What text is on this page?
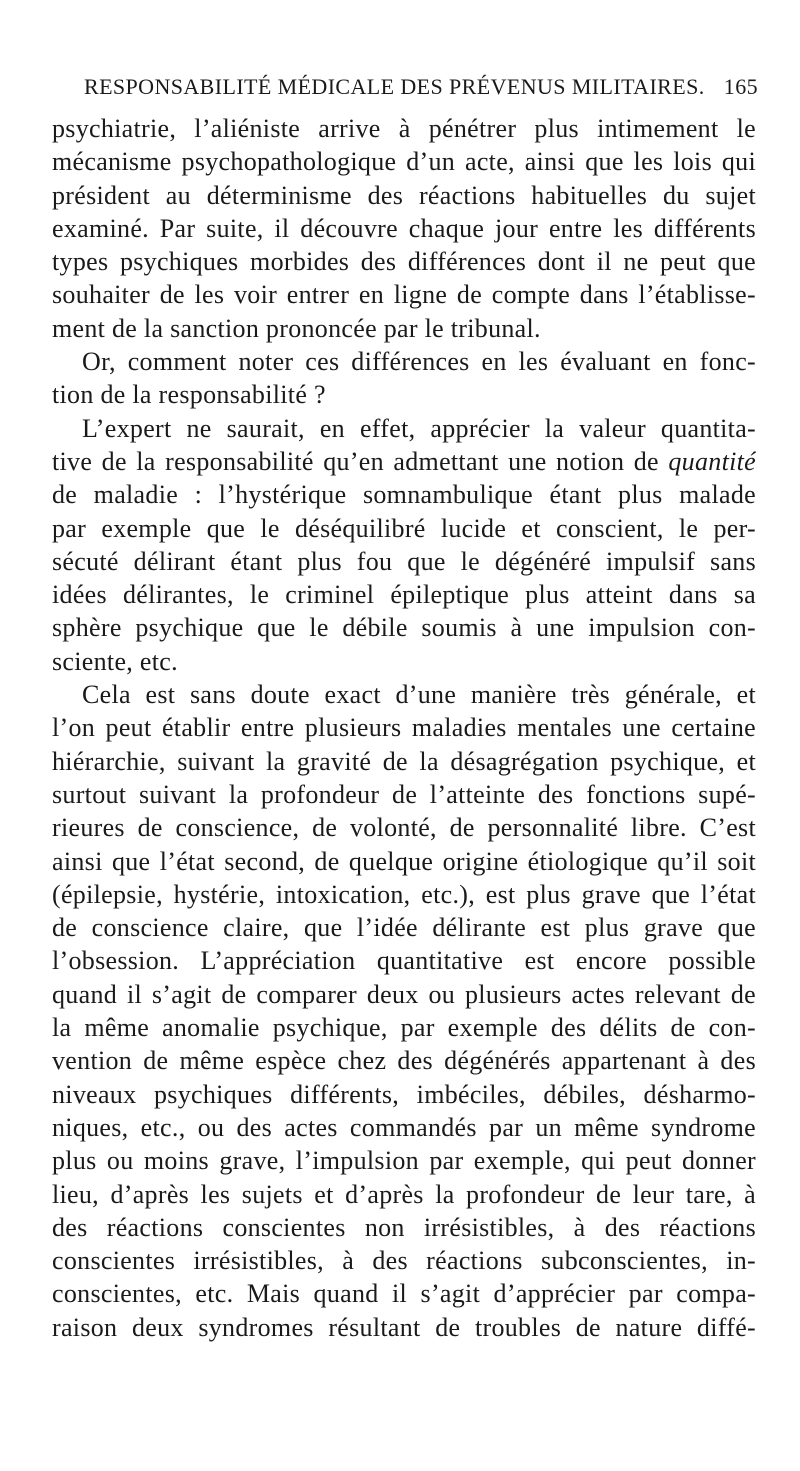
RESPONSABILITÉ MÉDICALE DES PRÉVENUS MILITAIRES. 165
psychiatrie, l’aliéniste arrive à pénétrer plus intimement le
mécanisme psychopathologique d’un acte, ainsi que les lois qui
président au déterminisme des réactions habituelles du sujet
examiné. Par suite, il découvre chaque jour entre les différents
types psychiques morbides des différences dont il ne peut que
souhaiter de les voir entrer en ligne de compte dans l’établisse-
ment de la sanction prononcée par le tribunal.
Or, comment noter ces différences en les évaluant en fonc-
tion de la responsabilité ?
L’expert ne saurait, en effet, apprécier la valeur quantita-
tive de la responsabilité qu’en admettant une notion de quantité
de maladie : l’hystérique somnambulique étant plus malade
par exemple que le déséquilibré lucide et conscient, le per-
sécuté délirant étant plus fou que le dégénéré impulsif sans
idées délirantes, le criminel épileptique plus atteint dans sa
sphère psychique que le débile soumis à une impulsion con-
sciente, etc.
Cela est sans doute exact d’une manière très générale, et
l’on peut établir entre plusieurs maladies mentales une certaine
hiérarchie, suivant la gravité de la désagrégation psychique, et
surtout suivant la profondeur de l’atteinte des fonctions supé-
rieures de conscience, de volonté, de personnalité libre. C’est
ainsi que l’état second, de quelque origine étiologique qu’il soit
(épilepsie, hystérie, intoxication, etc.), est plus grave que l’état
de conscience claire, que l’idée délirante est plus grave que
l’obsession. L’appréciation quantitative est encore possible
quand il s’agit de comparer deux ou plusieurs actes relevant de
la même anomalie psychique, par exemple des délits de con-
vention de même espèce chez des dégénérés appartenant à des
niveaux psychiques différents, imbéciles, débiles, désharmo-
niques, etc., ou des actes commandés par un même syndrome
plus ou moins grave, l’impulsion par exemple, qui peut donner
lieu, d’après les sujets et d’après la profondeur de leur tare, à
des réactions conscientes non irrésistibles, à des réactions
conscientes irrésistibles, à des réactions subconscientes, in-
conscientes, etc. Mais quand il s’agit d’apprécier par compa-
raison deux syndromes résultant de troubles de nature diffé-
